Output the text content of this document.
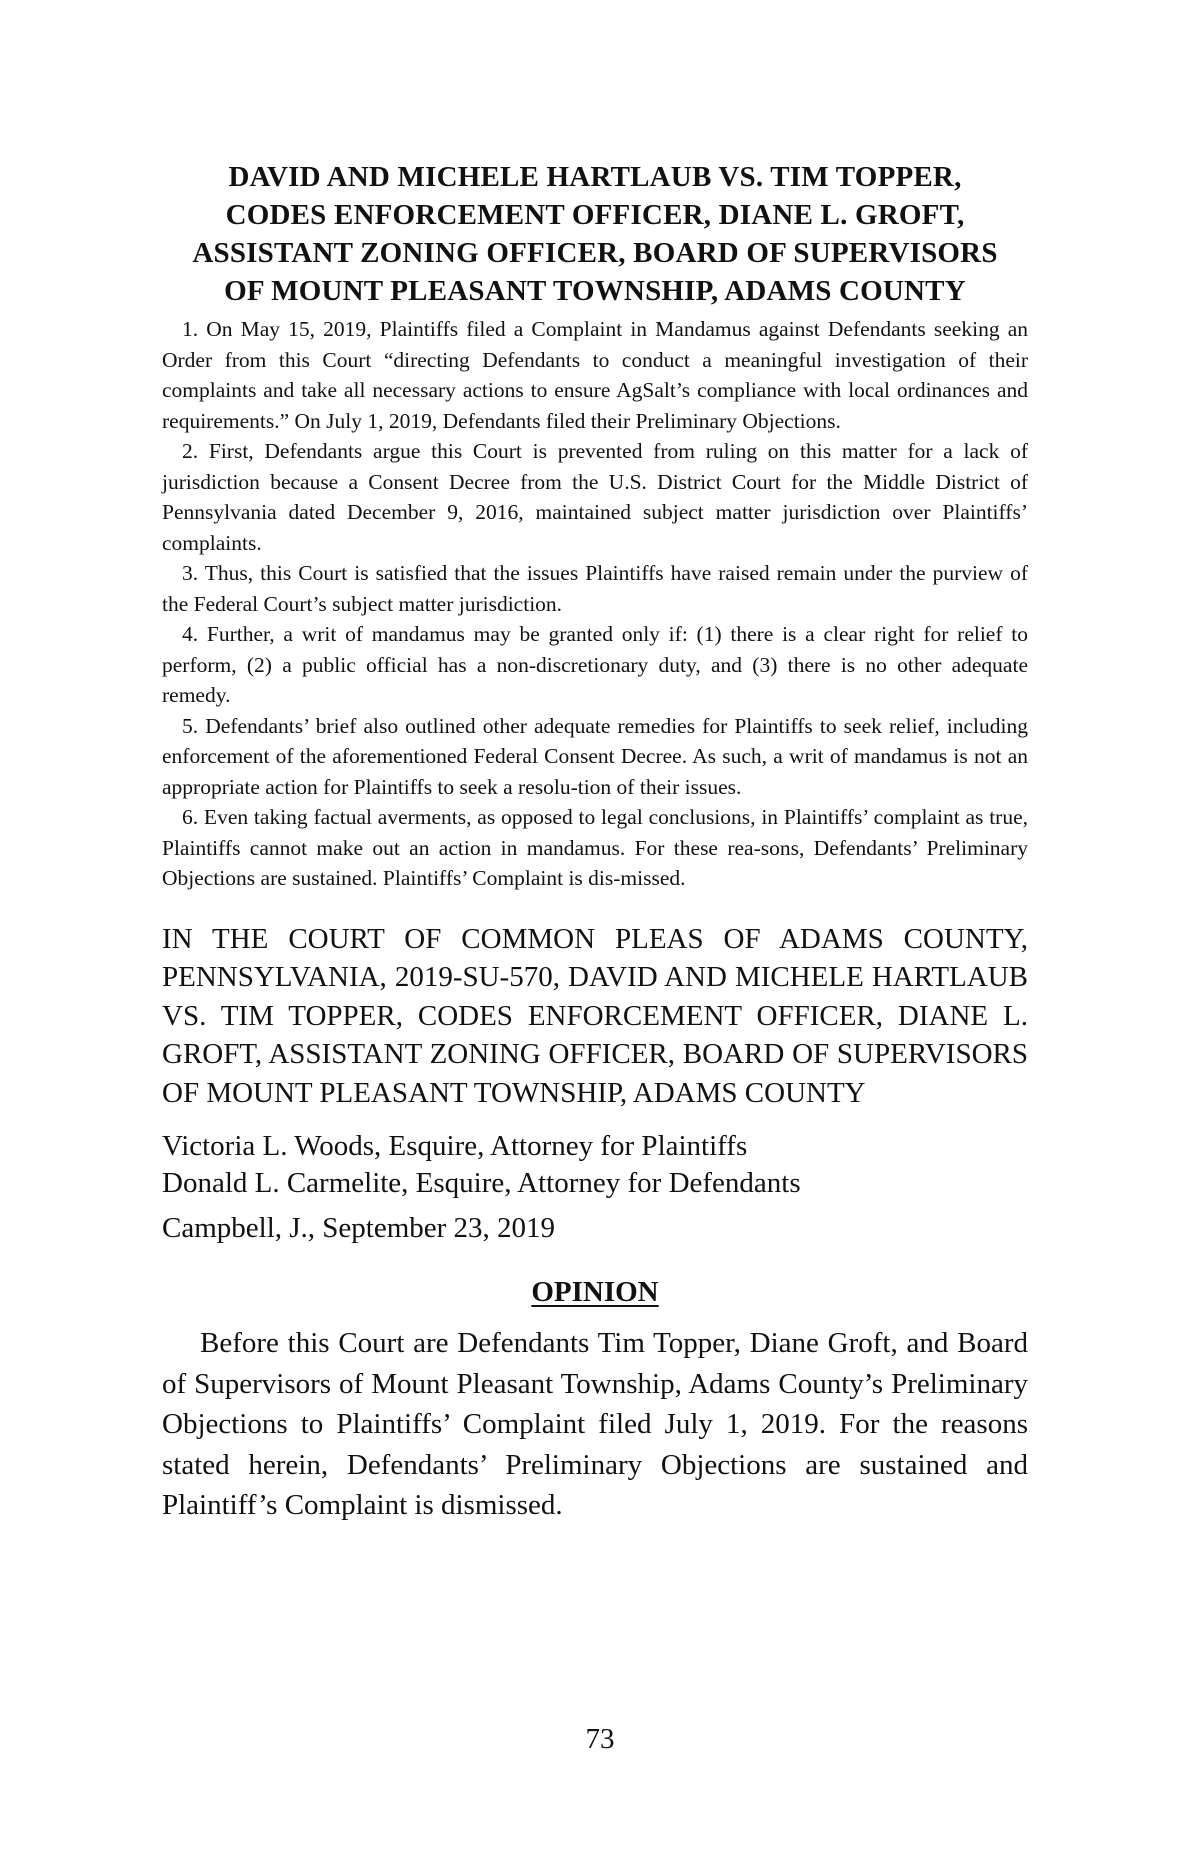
DAVID AND MICHELE HARTLAUB VS. TIM TOPPER,
CODES ENFORCEMENT OFFICER, DIANE L. GROFT,
ASSISTANT ZONING OFFICER, BOARD OF SUPERVISORS
OF MOUNT PLEASANT TOWNSHIP, ADAMS COUNTY

1. On May 15, 2019, Plaintiffs filed a Complaint in Mandamus against Defendants seeking an Order from this Court “directing Defendants to conduct a meaningful investigation of their complaints and take all necessary actions to ensure AgSalt’s compliance with local ordinances and requirements.” On July 1, 2019, Defendants filed their Preliminary Objections.

2. First, Defendants argue this Court is prevented from ruling on this matter for a lack of jurisdiction because a Consent Decree from the U.S. District Court for the Middle District of Pennsylvania dated December 9, 2016, maintained subject matter jurisdiction over Plaintiffs’ complaints.

3. Thus, this Court is satisfied that the issues Plaintiffs have raised remain under the purview of the Federal Court’s subject matter jurisdiction.

4. Further, a writ of mandamus may be granted only if: (1) there is a clear right for relief to perform, (2) a public official has a non-discretionary duty, and (3) there is no other adequate remedy.

5. Defendants’ brief also outlined other adequate remedies for Plaintiffs to seek relief, including enforcement of the aforementioned Federal Consent Decree. As such, a writ of mandamus is not an appropriate action for Plaintiffs to seek a resolu-tion of their issues.

6. Even taking factual averments, as opposed to legal conclusions, in Plaintiffs’ complaint as true, Plaintiffs cannot make out an action in mandamus. For these rea-sons, Defendants’ Preliminary Objections are sustained. Plaintiffs’ Complaint is dis-missed.

IN THE COURT OF COMMON PLEAS OF ADAMS COUNTY, PENNSYLVANIA, 2019-SU-570, DAVID AND MICHELE HARTLAUB VS. TIM TOPPER, CODES ENFORCEMENT OFFICER, DIANE L. GROFT, ASSISTANT ZONING OFFICER, BOARD OF SUPERVISORS OF MOUNT PLEASANT TOWNSHIP, ADAMS COUNTY

Victoria L. Woods, Esquire, Attorney for Plaintiffs

Donald L. Carmelite, Esquire, Attorney for Defendants

Campbell, J., September 23, 2019

OPINION

Before this Court are Defendants Tim Topper, Diane Groft, and Board of Supervisors of Mount Pleasant Township, Adams County’s Preliminary Objections to Plaintiffs’ Complaint filed July 1, 2019. For the reasons stated herein, Defendants’ Preliminary Objections are sustained and Plaintiff’s Complaint is dismissed.

73
